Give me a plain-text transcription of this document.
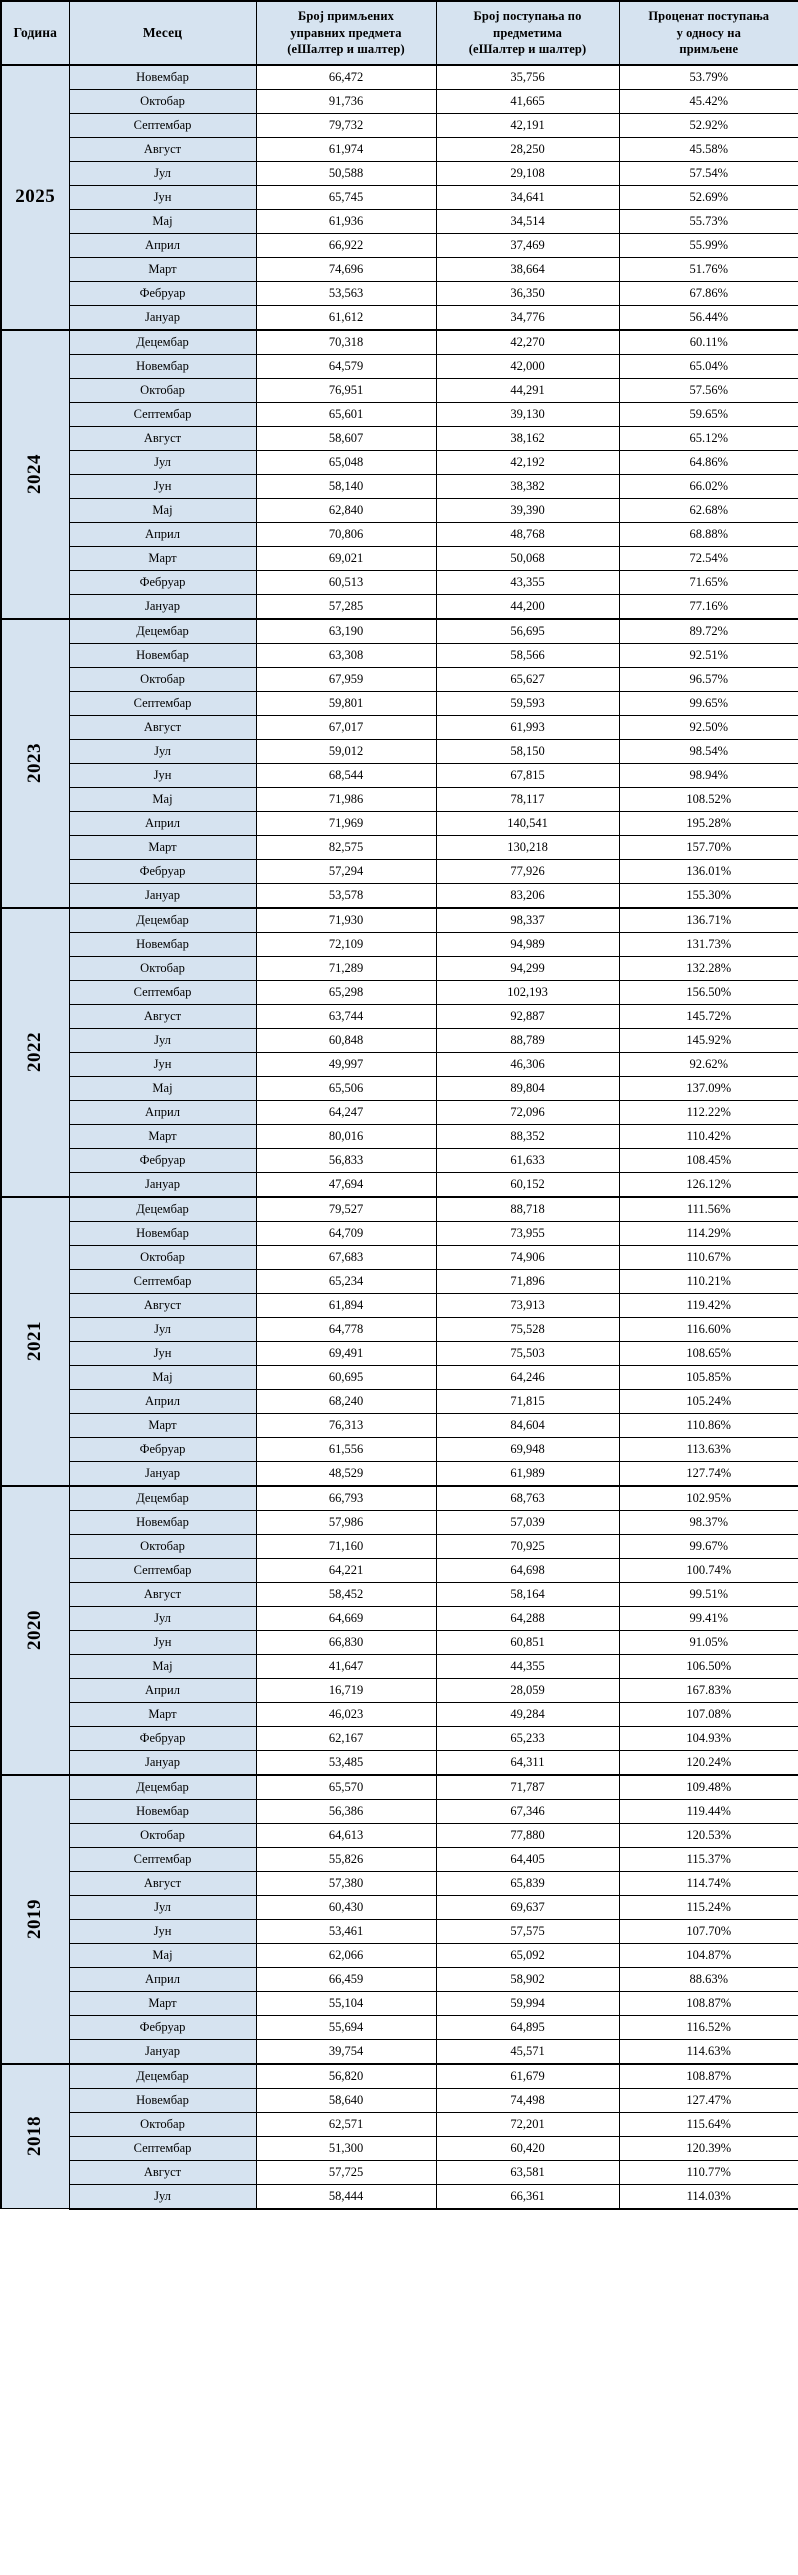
Година	Месец	Број примљених
управних предмета
(еШалтер и шалтер)	Број поступања по
предметима
(еШалтер и шалтер)	Проценат поступања
у односу на
примљене

2025	Новембар	66,472	35,756	53.79%
	Октобар	91,736	41,665	45.42%
	Септембар	79,732	42,191	52.92%
	Август	61,974	28,250	45.58%
	Јул	50,588	29,108	57.54%
	Јун	65,745	34,641	52.69%
	Мај	61,936	34,514	55.73%
	Април	66,922	37,469	55.99%
	Март	74,696	38,664	51.76%
	Фебруар	53,563	36,350	67.86%
	Јануар	61,612	34,776	56.44%

2024	Децембар	70,318	42,270	60.11%
	Новембар	64,579	42,000	65.04%
	Октобар	76,951	44,291	57.56%
	Септембар	65,601	39,130	59.65%
	Август	58,607	38,162	65.12%
	Јул	65,048	42,192	64.86%
	Јун	58,140	38,382	66.02%
	Мај	62,840	39,390	62.68%
	Април	70,806	48,768	68.88%
	Март	69,021	50,068	72.54%
	Фебруар	60,513	43,355	71.65%
	Јануар	57,285	44,200	77.16%

2023	Децембар	63,190	56,695	89.72%
	Новембар	63,308	58,566	92.51%
	Октобар	67,959	65,627	96.57%
	Септембар	59,801	59,593	99.65%
	Август	67,017	61,993	92.50%
	Јул	59,012	58,150	98.54%
	Јун	68,544	67,815	98.94%
	Мај	71,986	78,117	108.52%
	Април	71,969	140,541	195.28%
	Март	82,575	130,218	157.70%
	Фебруар	57,294	77,926	136.01%
	Јануар	53,578	83,206	155.30%

2022	Децембар	71,930	98,337	136.71%
	Новембар	72,109	94,989	131.73%
	Октобар	71,289	94,299	132.28%
	Септембар	65,298	102,193	156.50%
	Август	63,744	92,887	145.72%
	Јул	60,848	88,789	145.92%
	Јун	49,997	46,306	92.62%
	Мај	65,506	89,804	137.09%
	Април	64,247	72,096	112.22%
	Март	80,016	88,352	110.42%
	Фебруар	56,833	61,633	108.45%
	Јануар	47,694	60,152	126.12%

2021	Децембар	79,527	88,718	111.56%
	Новембар	64,709	73,955	114.29%
	Октобар	67,683	74,906	110.67%
	Септембар	65,234	71,896	110.21%
	Август	61,894	73,913	119.42%
	Јул	64,778	75,528	116.60%
	Јун	69,491	75,503	108.65%
	Мај	60,695	64,246	105.85%
	Април	68,240	71,815	105.24%
	Март	76,313	84,604	110.86%
	Фебруар	61,556	69,948	113.63%
	Јануар	48,529	61,989	127.74%

2020	Децембар	66,793	68,763	102.95%
	Новембар	57,986	57,039	98.37%
	Октобар	71,160	70,925	99.67%
	Септембар	64,221	64,698	100.74%
	Август	58,452	58,164	99.51%
	Јул	64,669	64,288	99.41%
	Јун	66,830	60,851	91.05%
	Мај	41,647	44,355	106.50%
	Април	16,719	28,059	167.83%
	Март	46,023	49,284	107.08%
	Фебруар	62,167	65,233	104.93%
	Јануар	53,485	64,311	120.24%

2019	Децембар	65,570	71,787	109.48%
	Новембар	56,386	67,346	119.44%
	Октобар	64,613	77,880	120.53%
	Септембар	55,826	64,405	115.37%
	Август	57,380	65,839	114.74%
	Јул	60,430	69,637	115.24%
	Јун	53,461	57,575	107.70%
	Мај	62,066	65,092	104.87%
	Април	66,459	58,902	88.63%
	Март	55,104	59,994	108.87%
	Фебруар	55,694	64,895	116.52%
	Јануар	39,754	45,571	114.63%

2018	Децембар	56,820	61,679	108.87%
	Новембар	58,640	74,498	127.47%
	Октобар	62,571	72,201	115.64%
	Септембар	51,300	60,420	120.39%
	Август	57,725	63,581	110.77%
	Јул	58,444	66,361	114.03%
